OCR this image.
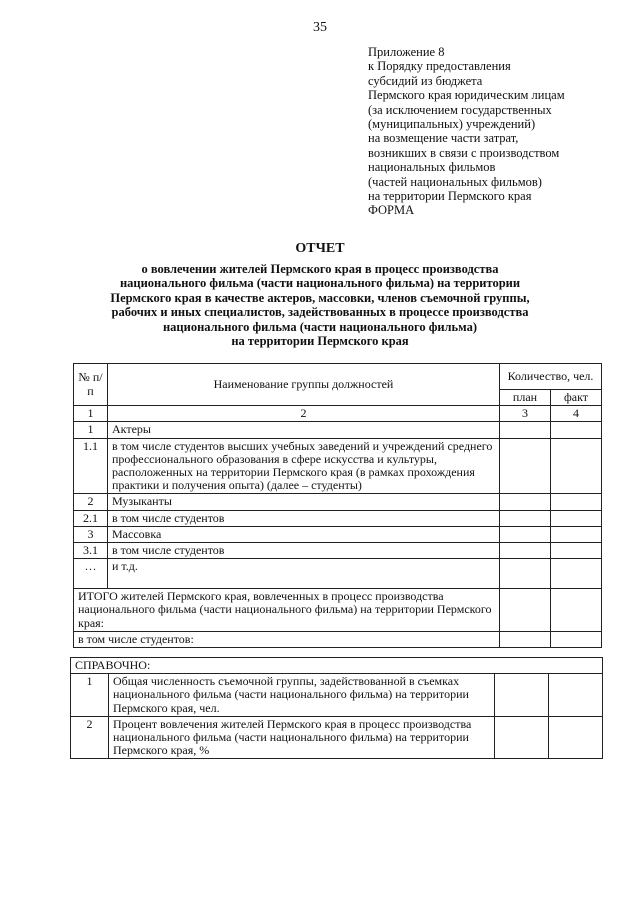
35
Приложение 8
к Порядку предоставления
субсидий из бюджета
Пермского края юридическим лицам
(за исключением государственных
(муниципальных) учреждений)
на возмещение части затрат,
возникших в связи с производством
национальных фильмов
(частей национальных фильмов)
на территории Пермского края
ФОРМА
ОТЧЕТ
о вовлечении жителей Пермского края в процесс производства
национального фильма (части национального фильма) на территории
Пермского края в качестве актеров, массовки, членов съемочной группы,
рабочих и иных специалистов, задействованных в процессе производства
национального фильма (части национального фильма)
на территории Пермского края
№ п/п	Наименование группы должностей	Количество, чел.	
		план	факт
1	2	3	4
1	Актеры		
1.1	в том числе студентов высших учебных заведений и учреждений среднего профессионального образования в сфере искусства и культуры, расположенных на территории Пермского края (в рамках прохождения практики и получения опыта) (далее – студенты)		
2	Музыканты		
2.1	в том числе студентов		
3	Массовка		
3.1	в том числе студентов		
…	и т.д.		
ИТОГО жителей Пермского края, вовлеченных в процесс производства национального фильма (части национального фильма) на территории Пермского края:			
в том числе студентов:			
СПРАВОЧНО:			
1	Общая численность съемочной группы, задействованной в съемках национального фильма (части национального фильма) на территории Пермского края, чел.		
2	Процент вовлечения жителей Пермского края в процесс производства национального фильма (части национального фильма) на территории Пермского края, %		
